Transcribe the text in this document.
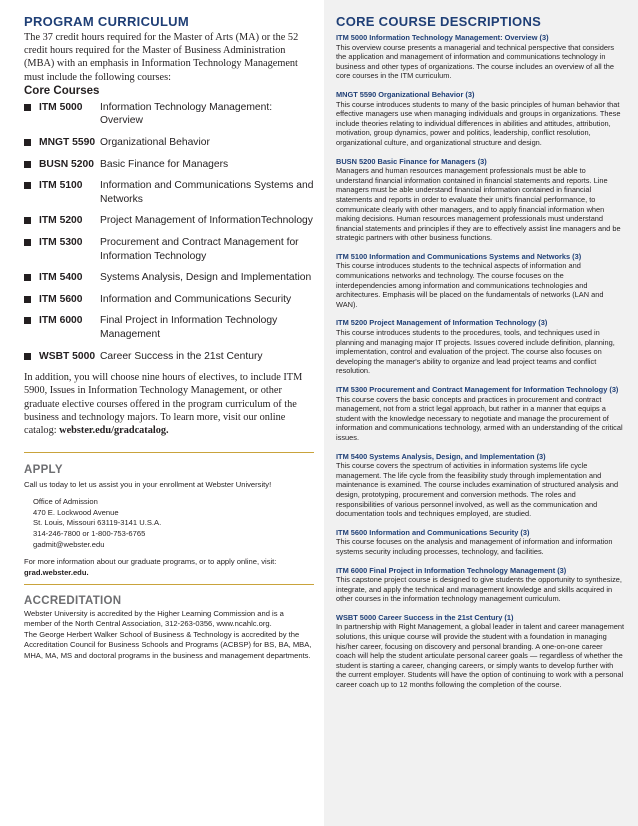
PROGRAM CURRICULUM
The 37 credit hours required for the Master of Arts (MA) or the 52 credit hours required for the Master of Business Administration (MBA) with an emphasis in Information Technology Management must include the following courses:
Core Courses
ITM 5000	Information Technology Management: Overview
MNGT 5590 Organizational Behavior
BUSN 5200 Basic Finance for Managers
ITM 5100	Information and Communications Systems and Networks
ITM 5200	Project Management of InformationTechnology
ITM 5300	Procurement and Contract Management for Information Technology
ITM 5400	Systems Analysis, Design and Implementation
ITM 5600	Information and Communications Security
ITM 6000	Final Project in Information Technology Management
WSBT 5000 Career Success in the 21st Century
In addition, you will choose nine hours of electives, to include ITM 5900, Issues in Information Technology Management, or other graduate elective courses offered in the program curriculum of the business and technology majors. To learn more, visit our online catalog: webster.edu/gradcatalog.
APPLY
Call us today to let us assist you in your enrollment at Webster University!
Office of Admission
470 E. Lockwood Avenue
St. Louis, Missouri 63119-3141 U.S.A.
314-246-7800 or 1-800-753-6765
gadmit@webster.edu
For more information about our graduate programs, or to apply online, visit: grad.webster.edu.
ACCREDITATION
Webster University is accredited by the Higher Learning Commission and is a member of the North Central Association, 312-263-0356, www.ncahlc.org.
The George Herbert Walker School of Business & Technology is accredited by the Accreditation Council for Business Schools and Programs (ACBSP) for BS, BA, MBA, MHA, MA, MS and doctoral programs in the business and management departments.
CORE COURSE DESCRIPTIONS
ITM 5000 Information Technology Management: Overview (3)
This overview course presents a managerial and technical perspective that considers the application and management of information and communications technology in business and other types of organizations. The course includes an overview of all the core courses in the ITM curriculum.
MNGT 5590 Organizational Behavior (3)
This course introduces students to many of the basic principles of human behavior that effective managers use when managing individuals and groups in organizations. These include theories relating to individual differences in abilities and attitudes, attribution, motivation, group dynamics, power and politics, leadership, conflict resolution, organizational culture, and organizational structure and design.
BUSN 5200 Basic Finance for Managers (3)
Managers and human resources management professionals must be able to understand financial information contained in financial statements and reports. Line managers must be able understand financial information contained in financial statements and reports in order to evaluate their unit's financial performance, to communicate clearly with other managers, and to apply financial information when making decisions. Human resources management professionals must understand financial statements and principles if they are to effectively assist line managers and be strategic partners with other business functions.
ITM 5100 Information and Communications Systems and Networks (3)
This course introduces students to the technical aspects of information and communications networks and technology. The course focuses on the interdependencies among information and communications technologies and architectures. Emphasis will be placed on the fundamentals of networks (LAN and WAN).
ITM 5200 Project Management of Information Technology (3)
This course introduces students to the procedures, tools, and techniques used in planning and managing major IT projects. Issues covered include definition, planning, implementation, control and evaluation of the project. The course also focuses on developing the manager's ability to organize and lead project teams and conflict resolution.
ITM 5300 Procurement and Contract Management for Information Technology (3)
This course covers the basic concepts and practices in procurement and contract management, not from a strict legal approach, but rather in a manner that equips a student with the knowledge necessary to negotiate and manage the procurement of information and communications technology, armed with an understanding of the critical issues.
ITM 5400 Systems Analysis, Design, and Implementation (3)
This course covers the spectrum of activities in information systems life cycle management. The life cycle from the feasibility study through implementation and maintenance is examined. The course includes examination of structured analysis and design, prototyping, procurement and conversion methods. The roles and responsibilities of various personnel involved, as well as the communication and documentation tools and techniques employed, are studied.
ITM 5600 Information and Communications Security (3)
This course focuses on the analysis and management of information and information systems security including processes, technology, and facilities.
ITM 6000 Final Project in Information Technology Management (3)
This capstone project course is designed to give students the opportunity to synthesize, integrate, and apply the technical and management knowledge and skills acquired in other courses in the information technology management curriculum.
WSBT 5000 Career Success in the 21st Century (1)
In partnership with Right Management, a global leader in talent and career management solutions, this unique course will provide the student with a foundation in managing his/her career, focusing on discovery and personal branding. A one-on-one career coach will help the student articulate personal career goals — regardless of whether the student is starting a career, changing careers, or simply wants to develop further with the current employer. Students will have the option of continuing to work with a personal career coach up to 12 months following the completion of the course.
